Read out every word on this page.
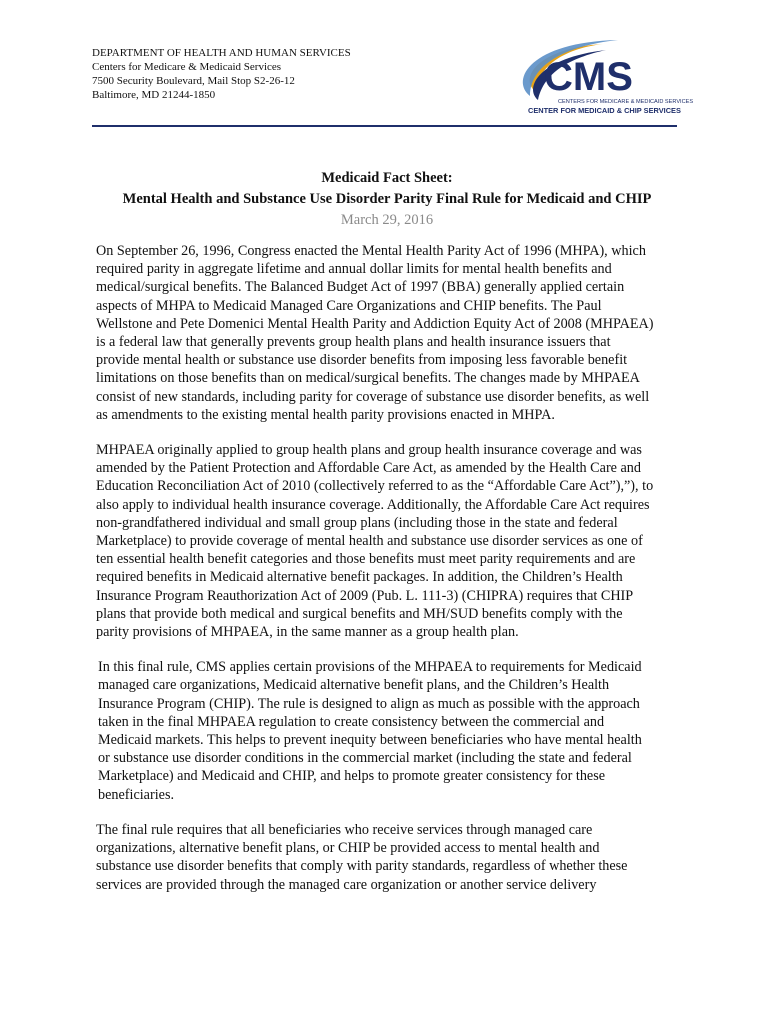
DEPARTMENT OF HEALTH AND HUMAN SERVICES
Centers for Medicare & Medicaid Services
7500 Security Boulevard, Mail Stop S2-26-12
Baltimore, MD 21244-1850	CMS
CENTERS FOR MEDICARE & MEDICAID SERVICES
CENTER FOR MEDICAID & CHIP SERVICES
Medicaid Fact Sheet:
Mental Health and Substance Use Disorder Parity Final Rule for Medicaid and CHIP
March 29, 2016

On September 26, 1996, Congress enacted the Mental Health Parity Act of 1996 (MHPA), which required parity in aggregate lifetime and annual dollar limits for mental health benefits and medical/surgical benefits. The Balanced Budget Act of 1997 (BBA) generally applied certain aspects of MHPA to Medicaid Managed Care Organizations and CHIP benefits. The Paul Wellstone and Pete Domenici Mental Health Parity and Addiction Equity Act of 2008 (MHPAEA) is a federal law that generally prevents group health plans and health insurance issuers that provide mental health or substance use disorder benefits from imposing less favorable benefit limitations on those benefits than on medical/surgical benefits. The changes made by MHPAEA consist of new standards, including parity for coverage of substance use disorder benefits, as well as amendments to the existing mental health parity provisions enacted in MHPA.

MHPAEA originally applied to group health plans and group health insurance coverage and was amended by the Patient Protection and Affordable Care Act, as amended by the Health Care and Education Reconciliation Act of 2010 (collectively referred to as the “Affordable Care Act”),”), to also apply to individual health insurance coverage. Additionally, the Affordable Care Act requires non-grandfathered individual and small group plans (including those in the state and federal Marketplace) to provide coverage of mental health and substance use disorder services as one of ten essential health benefit categories and those benefits must meet parity requirements and are required benefits in Medicaid alternative benefit packages. In addition, the Children’s Health Insurance Program Reauthorization Act of 2009 (Pub. L. 111-3) (CHIPRA) requires that CHIP plans that provide both medical and surgical benefits and MH/SUD benefits comply with the parity provisions of MHPAEA, in the same manner as a group health plan.

In this final rule, CMS applies certain provisions of the MHPAEA to requirements for Medicaid managed care organizations, Medicaid alternative benefit plans, and the Children’s Health Insurance Program (CHIP). The rule is designed to align as much as possible with the approach taken in the final MHPAEA regulation to create consistency between the commercial and Medicaid markets. This helps to prevent inequity between beneficiaries who have mental health or substance use disorder conditions in the commercial market (including the state and federal Marketplace) and Medicaid and CHIP, and helps to promote greater consistency for these beneficiaries.

The final rule requires that all beneficiaries who receive services through managed care organizations, alternative benefit plans, or CHIP be provided access to mental health and substance use disorder benefits that comply with parity standards, regardless of whether these services are provided through the managed care organization or another service delivery
